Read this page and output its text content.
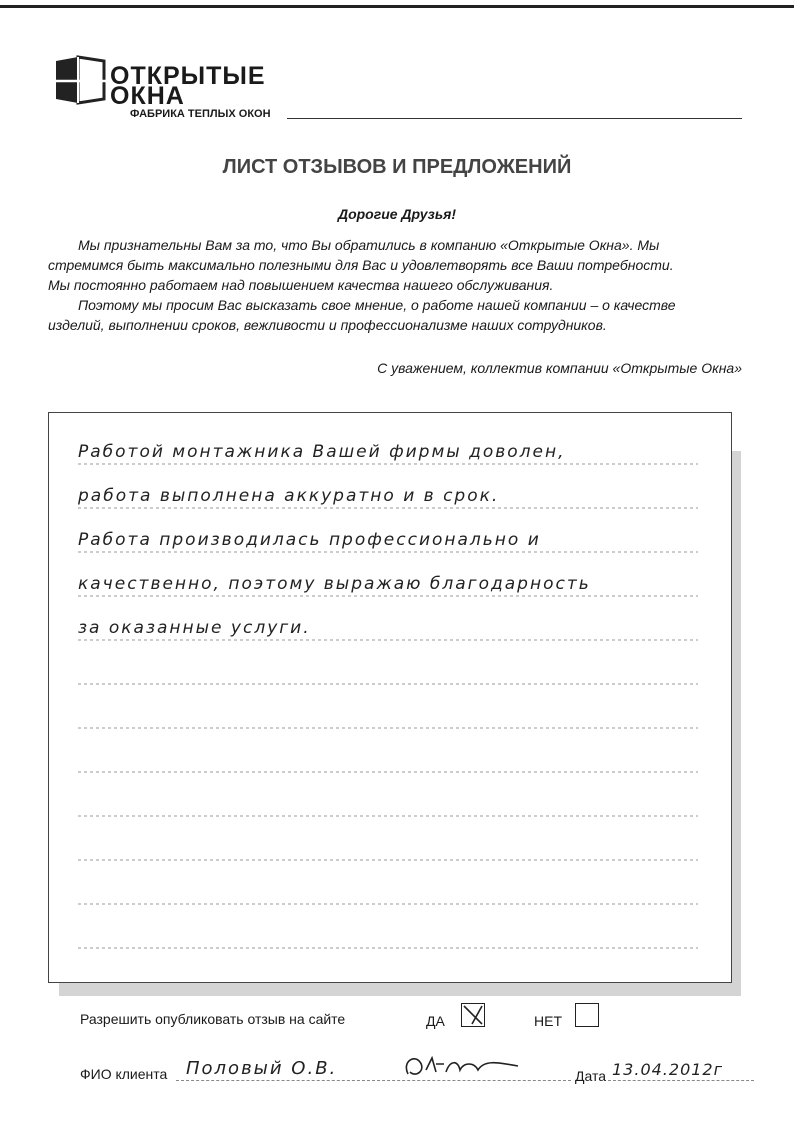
ОТКРЫТЫЕ
ОКНА
ФАБРИКА ТЕПЛЫХ ОКОН
ЛИСТ ОТЗЫВОВ И ПРЕДЛОЖЕНИЙ
Дорогие Друзья!
Мы признательны Вам за то, что Вы обратились в компанию «Открытые Окна». Мы
стремимся быть максимально полезными для Вас и удовлетворять все Ваши потребности.
Мы постоянно работаем над повышением качества нашего обслуживания.
Поэтому мы просим Вас высказать свое мнение, о работе нашей компании – о качестве
изделий, выполнении сроков, вежливости и профессионализме наших сотрудников.
С уважением, коллектив компании «Открытые Окна»
Работой монтажника Вашей фирмы доволен,
работа выполнена аккуратно и в срок.
Работа производилась профессионально и
качественно, поэтому выражаю благодарность
за оказанные услуги.
Разрешить опубликовать отзыв на сайте	ДА	НЕТ
ФИО клиента Половый О.В.	Дата 13.04.2012г
